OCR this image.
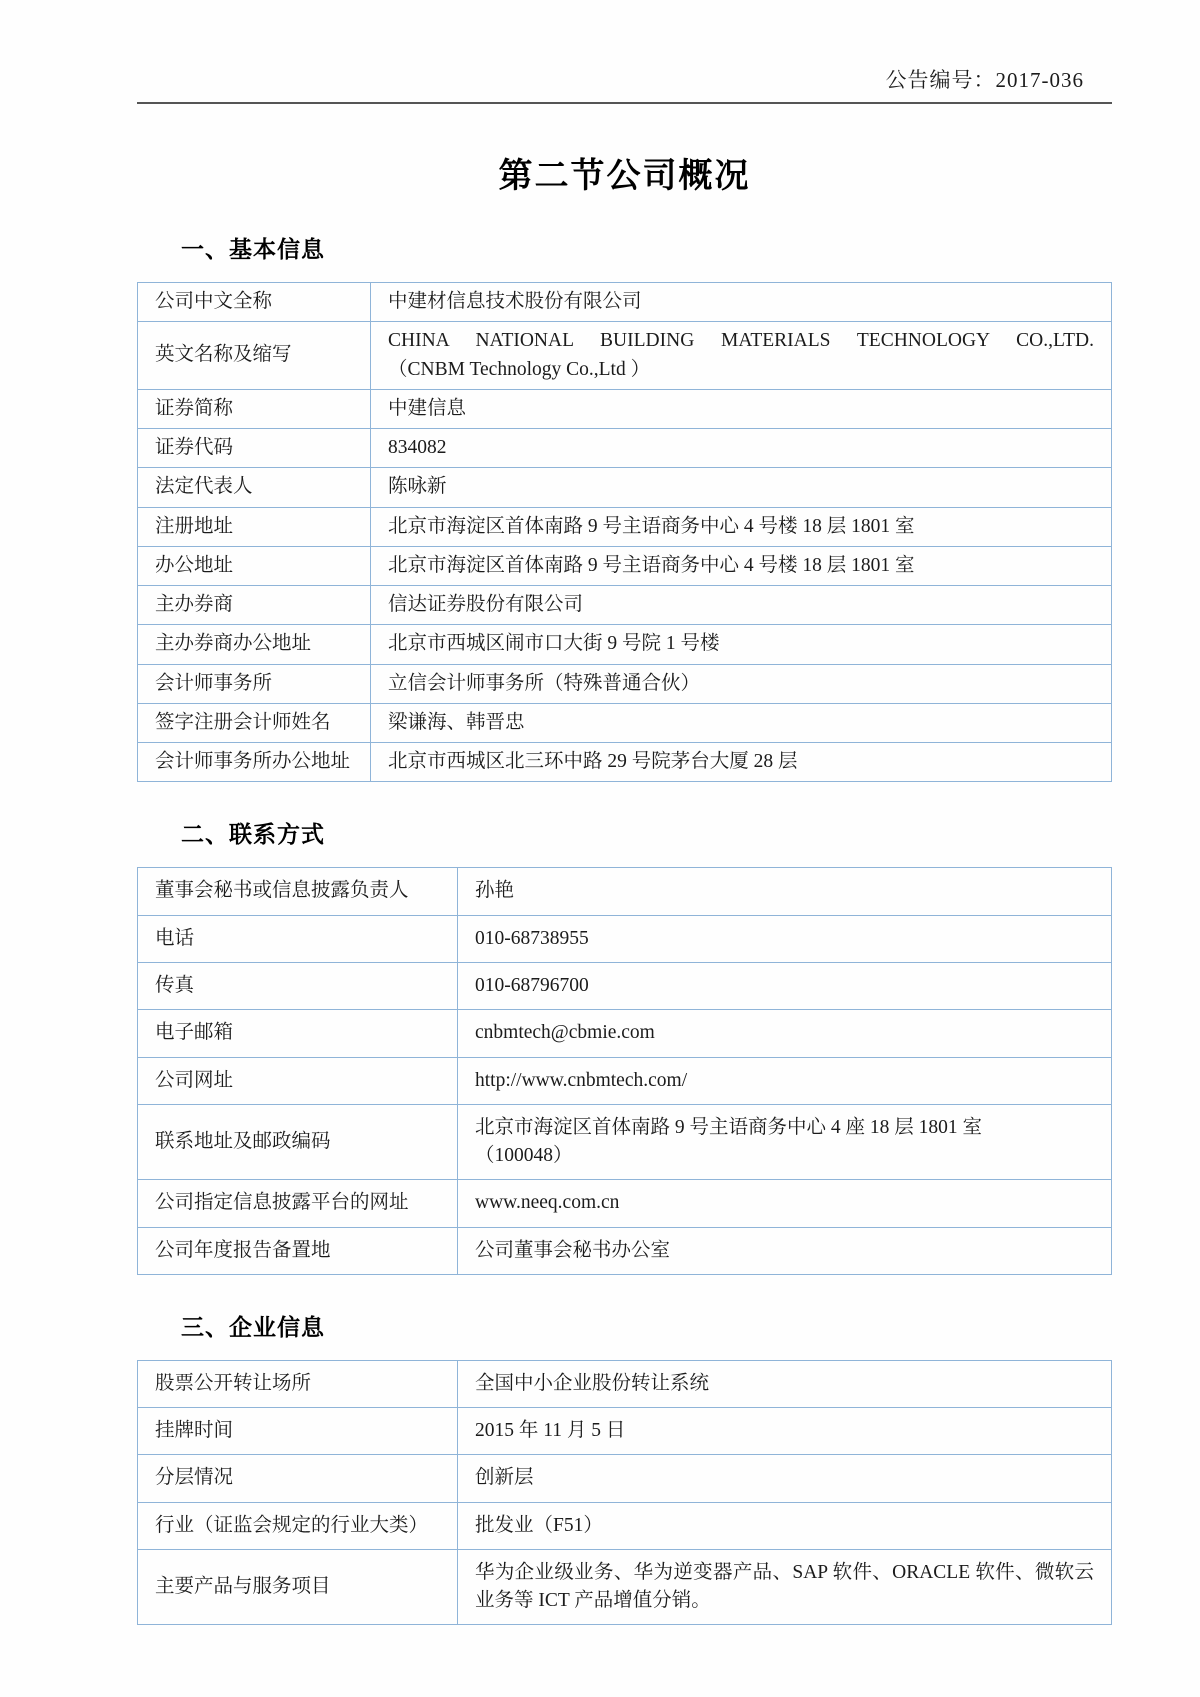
公告编号：2017-036
第二节公司概况
一、基本信息
公司中文全称	中建材信息技术股份有限公司
英文名称及缩写	CHINA NATIONAL BUILDING MATERIALS TECHNOLOGY CO.,LTD.
（CNBM Technology Co.,Ltd ）

证券简称	中建信息
证券代码	834082
法定代表人	陈咏新
注册地址	北京市海淀区首体南路 9 号主语商务中心 4 号楼 18 层 1801 室
办公地址	北京市海淀区首体南路 9 号主语商务中心 4 号楼 18 层 1801 室
主办券商	信达证券股份有限公司
主办券商办公地址	北京市西城区闹市口大街 9 号院 1 号楼
会计师事务所	立信会计师事务所（特殊普通合伙）
签字注册会计师姓名	梁谦海、韩晋忠
会计师事务所办公地址	北京市西城区北三环中路 29 号院茅台大厦 28 层
二、联系方式
董事会秘书或信息披露负责人	孙艳
电话	010-68738955
传真	010-68796700
电子邮箱	cnbmtech@cbmie.com
公司网址	http://www.cnbmtech.com/
联系地址及邮政编码	北京市海淀区首体南路 9 号主语商务中心 4 座 18 层 1801 室
（100048）

公司指定信息披露平台的网址	www.neeq.com.cn
公司年度报告备置地	公司董事会秘书办公室
三、企业信息
股票公开转让场所	全国中小企业股份转让系统
挂牌时间	2015 年 11 月 5 日
分层情况	创新层
行业（证监会规定的行业大类）	批发业（F51）
主要产品与服务项目	华为企业级业务、华为逆变器产品、SAP 软件、ORACLE 软件、微软云业务等 ICT 产品增值分销。
